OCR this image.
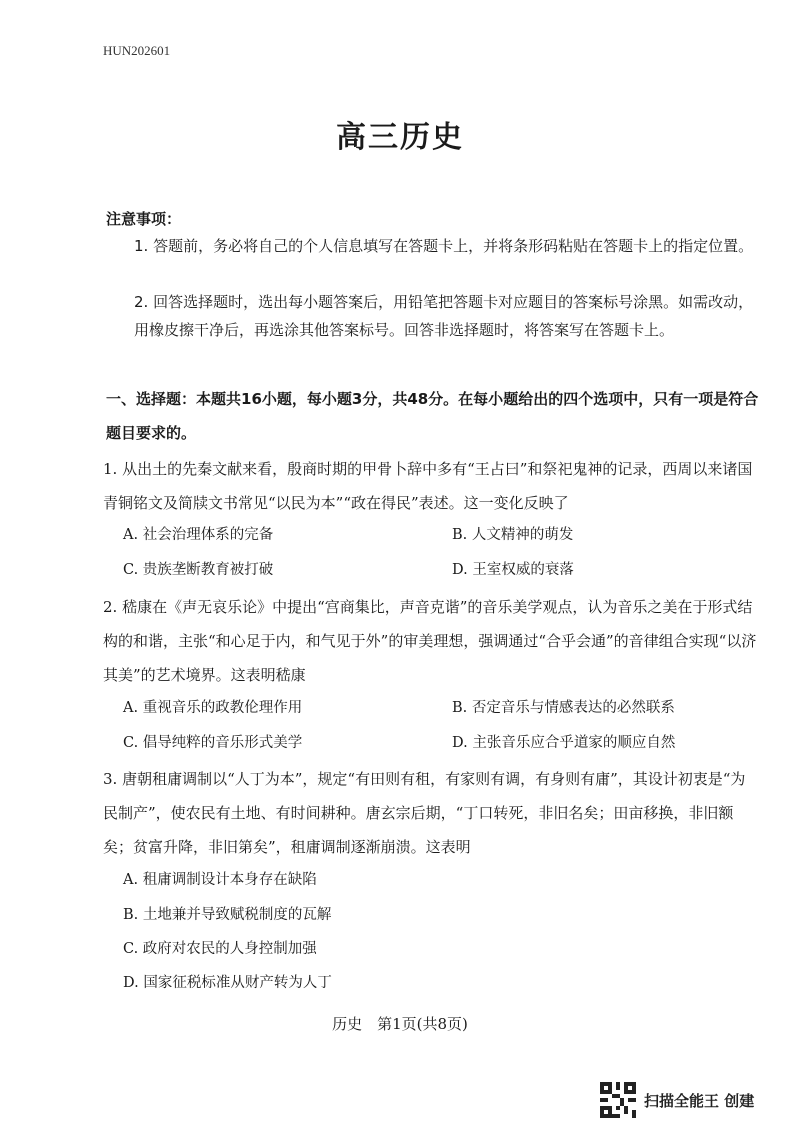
HUN202601
高三历史
注意事项：
1. 答题前，务必将自己的个人信息填写在答题卡上，并将条形码粘贴在答题卡上的指定位置。
2. 回答选择题时，选出每小题答案后，用铅笔把答题卡对应题目的答案标号涂黑。如需改动，用橡皮擦干净后，再选涂其他答案标号。回答非选择题时，将答案写在答题卡上。
一、选择题：本题共16小题，每小题3分，共48分。在每小题给出的四个选项中，只有一项是符合题目要求的。
1. 从出土的先秦文献来看，殷商时期的甲骨卜辞中多有“王占曰”和祭祀鬼神的记录，西周以来诸国青铜铭文及简牍文书常见“以民为本”“政在得民”表述。这一变化反映了
A. 社会治理体系的完备	B. 人文精神的萌发
C. 贵族垄断教育被打破	D. 王室权威的衰落
2. 嵇康在《声无哀乐论》中提出“宫商集比，声音克谐”的音乐美学观点，认为音乐之美在于形式结构的和谐，主张“和心足于内，和气见于外”的审美理想，强调通过“合乎会通”的音律组合实现“以济其美”的艺术境界。这表明嵇康
A. 重视音乐的政教伦理作用	B. 否定音乐与情感表达的必然联系
C. 倡导纯粹的音乐形式美学	D. 主张音乐应合乎道家的顺应自然
3. 唐朝租庸调制以“人丁为本”，规定“有田则有租，有家则有调，有身则有庸”，其设计初衷是“为民制产”，使农民有土地、有时间耕种。唐玄宗后期，“丁口转死，非旧名矣；田亩移换，非旧额矣；贫富升降，非旧第矣”，租庸调制逐渐崩溃。这表明
A. 租庸调制设计本身存在缺陷
B. 土地兼并导致赋税制度的瓦解
C. 政府对农民的人身控制加强
D. 国家征税标准从财产转为人丁
历史　第1页(共8页)
扫描全能王 创建
